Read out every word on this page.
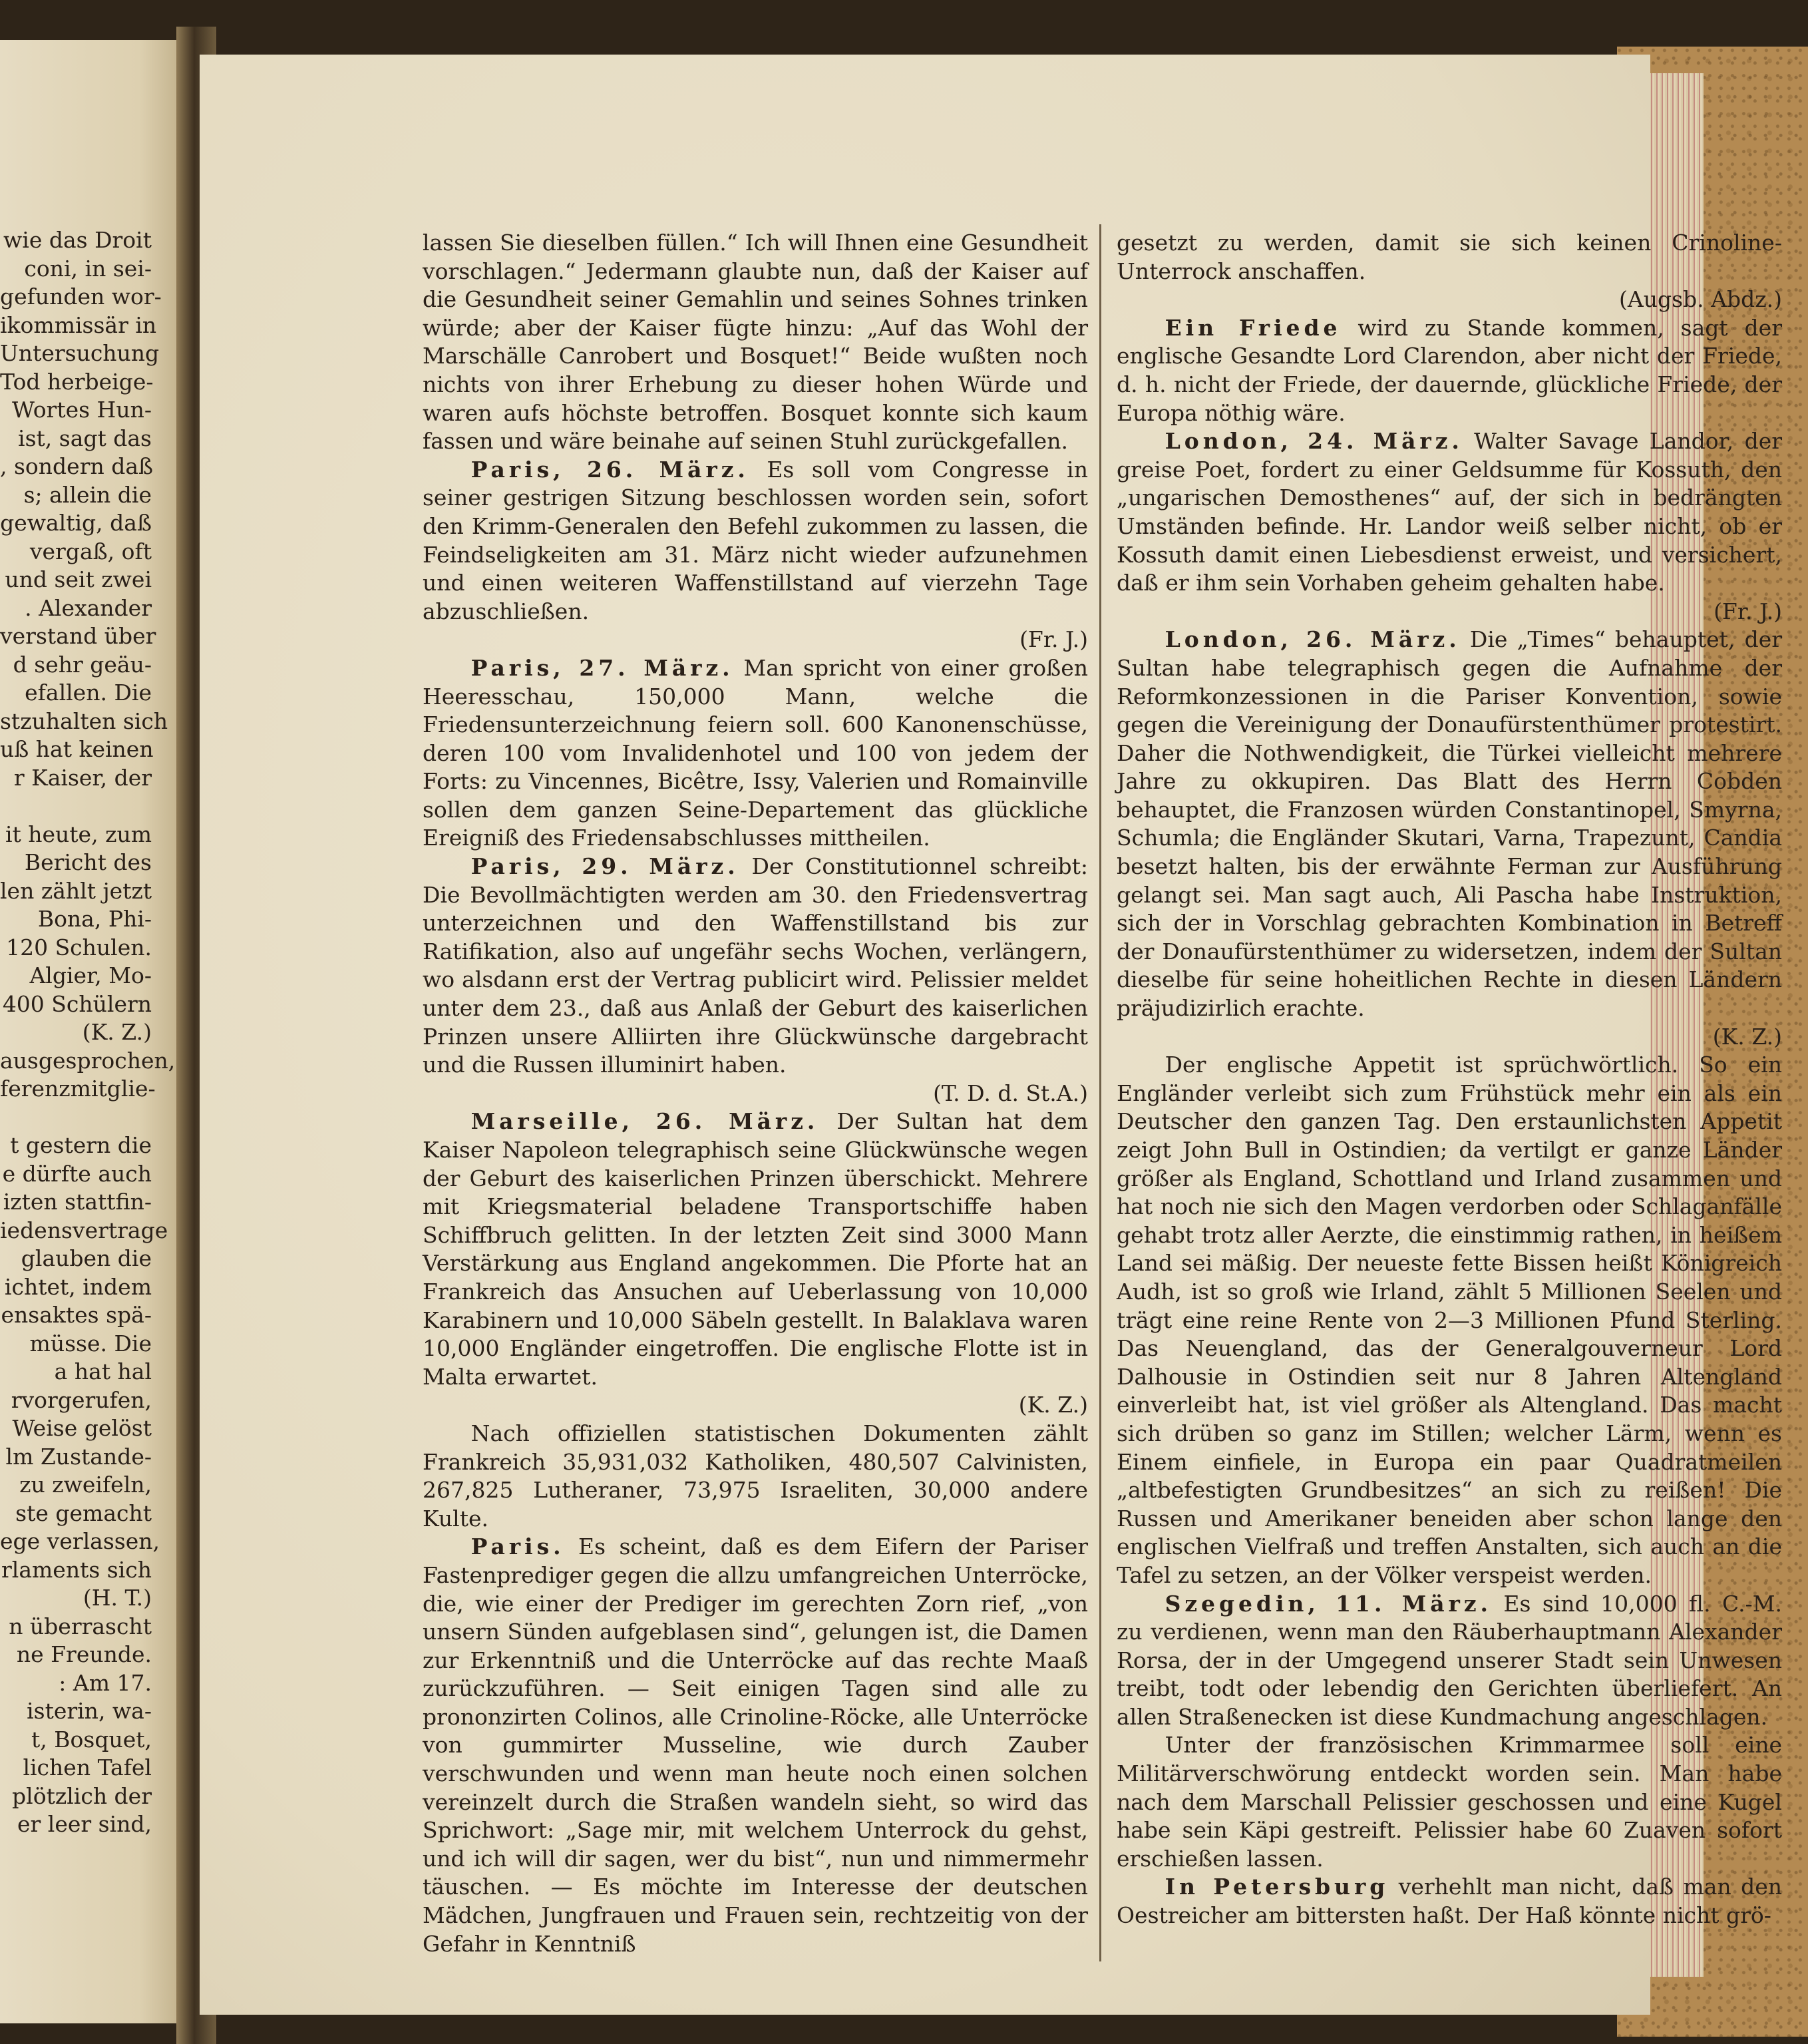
wie das Droit
coni, in sei-
gefunden wor-
ikommissär in
Untersuchung
Tod herbeige-
Wortes Hun-
ist, sagt das
, sondern daß
s; allein die
gewaltig, daß
vergaß, oft
und seit zwei
. Alexander
verstand über
d sehr geäu-
efallen. Die
stzuhalten sich
uß hat keinen
r Kaiser, der
it heute, zum
Bericht des
len zählt jetzt
Bona, Phi-
120 Schulen.
Algier, Mo-
400 Schülern
(K. Z.)
ausgesprochen,
ferenzmitglie-
t gestern die
e dürfte auch
izten stattfin-
iedensvertrage
glauben die
ichtet, indem
ensaktes spä-
müsse. Die
a hat hal
rvorgerufen,
Weise gelöst
lm Zustande-
zu zweifeln,
ste gemacht
ege verlassen,
rlaments sich
(H. T.)
n überrascht
ne Freunde.
: Am 17.
isterin, wa-
t, Bosquet,
lichen Tafel
plötzlich der
er leer sind,

lassen Sie dieselben füllen.“ Ich will Ihnen eine Gesundheit vorschlagen.“ Jedermann glaubte nun, daß der Kaiser auf die Gesundheit seiner Gemahlin und seines Sohnes trinken würde; aber der Kaiser fügte hinzu: „Auf das Wohl der Marschälle Canrobert und Bosquet!“ Beide wußten noch nichts von ihrer Erhebung zu dieser hohen Würde und waren aufs höchste betroffen. Bosquet konnte sich kaum fassen und wäre beinahe auf seinen Stuhl zurückgefallen.

Paris, 26. März. Es soll vom Congresse in seiner gestrigen Sitzung beschlossen worden sein, sofort den Krimm-Generalen den Befehl zukommen zu lassen, die Feindseligkeiten am 31. März nicht wieder aufzunehmen und einen weiteren Waffenstillstand auf vierzehn Tage abzuschließen.
(Fr. J.)

Paris, 27. März. Man spricht von einer großen Heeresschau, 150,000 Mann, welche die Friedensunterzeichnung feiern soll. 600 Kanonenschüsse, deren 100 vom Invalidenhotel und 100 von jedem der Forts: zu Vincennes, Bicêtre, Issy, Valerien und Romainville sollen dem ganzen Seine-Departement das glückliche Ereigniß des Friedensabschlusses mittheilen.

Paris, 29. März. Der Constitutionnel schreibt: Die Bevollmächtigten werden am 30. den Friedensvertrag unterzeichnen und den Waffenstillstand bis zur Ratifikation, also auf ungefähr sechs Wochen, verlängern, wo alsdann erst der Vertrag publicirt wird. Pelissier meldet unter dem 23., daß aus Anlaß der Geburt des kaiserlichen Prinzen unsere Alliirten ihre Glückwünsche dargebracht und die Russen illuminirt haben.
(T. D. d. St.A.)

Marseille, 26. März. Der Sultan hat dem Kaiser Napoleon telegraphisch seine Glückwünsche wegen der Geburt des kaiserlichen Prinzen überschickt. Mehrere mit Kriegsmaterial beladene Transportschiffe haben Schiffbruch gelitten. In der letzten Zeit sind 3000 Mann Verstärkung aus England angekommen. Die Pforte hat an Frankreich das Ansuchen auf Ueberlassung von 10,000 Karabinern und 10,000 Säbeln gestellt. In Balaklava waren 10,000 Engländer eingetroffen. Die englische Flotte ist in Malta erwartet.
(K. Z.)

Nach offiziellen statistischen Dokumenten zählt Frankreich 35,931,032 Katholiken, 480,507 Calvinisten, 267,825 Lutheraner, 73,975 Israeliten, 30,000 andere Kulte.

Paris. Es scheint, daß es dem Eifern der Pariser Fastenprediger gegen die allzu umfangreichen Unterröcke, die, wie einer der Prediger im gerechten Zorn rief, „von unsern Sünden aufgeblasen sind“, gelungen ist, die Damen zur Erkenntniß und die Unterröcke auf das rechte Maaß zurückzuführen. — Seit einigen Tagen sind alle zu prononzirten Colinos, alle Crinoline-Röcke, alle Unterröcke von gummirter Musseline, wie durch Zauber verschwunden und wenn man heute noch einen solchen vereinzelt durch die Straßen wandeln sieht, so wird das Sprichwort: „Sage mir, mit welchem Unterrock du gehst, und ich will dir sagen, wer du bist“, nun und nimmermehr täuschen. — Es möchte im Interesse der deutschen Mädchen, Jungfrauen und Frauen sein, rechtzeitig von der Gefahr in Kenntniß

gesetzt zu werden, damit sie sich keinen Crinoline-Unterrock anschaffen.
(Augsb. Abdz.)

Ein Friede wird zu Stande kommen, sagt der englische Gesandte Lord Clarendon, aber nicht der Friede, d. h. nicht der Friede, der dauernde, glückliche Friede, der Europa nöthig wäre.

London, 24. März. Walter Savage Landor, der greise Poet, fordert zu einer Geldsumme für Kossuth, den „ungarischen Demosthenes“ auf, der sich in bedrängten Umständen befinde. Hr. Landor weiß selber nicht, ob er Kossuth damit einen Liebesdienst erweist, und versichert, daß er ihm sein Vorhaben geheim gehalten habe.
(Fr. J.)

London, 26. März. Die „Times“ behauptet, der Sultan habe telegraphisch gegen die Aufnahme der Reformkonzessionen in die Pariser Konvention, sowie gegen die Vereinigung der Donaufürstenthümer protestirt. Daher die Nothwendigkeit, die Türkei vielleicht mehrere Jahre zu okkupiren. Das Blatt des Herrn Cobden behauptet, die Franzosen würden Constantinopel, Smyrna, Schumla; die Engländer Skutari, Varna, Trapezunt, Candia besetzt halten, bis der erwähnte Ferman zur Ausführung gelangt sei. Man sagt auch, Ali Pascha habe Instruktion, sich der in Vorschlag gebrachten Kombination in Betreff der Donaufürstenthümer zu widersetzen, indem der Sultan dieselbe für seine hoheitlichen Rechte in diesen Ländern präjudizirlich erachte.
(K. Z.)

Der englische Appetit ist sprüchwörtlich. So ein Engländer verleibt sich zum Frühstück mehr ein als ein Deutscher den ganzen Tag. Den erstaunlichsten Appetit zeigt John Bull in Ostindien; da vertilgt er ganze Länder größer als England, Schottland und Irland zusammen und hat noch nie sich den Magen verdorben oder Schlaganfälle gehabt trotz aller Aerzte, die einstimmig rathen, in heißem Land sei mäßig. Der neueste fette Bissen heißt Königreich Audh, ist so groß wie Irland, zählt 5 Millionen Seelen und trägt eine reine Rente von 2—3 Millionen Pfund Sterling. Das Neuengland, das der Generalgouverneur Lord Dalhousie in Ostindien seit nur 8 Jahren Altengland einverleibt hat, ist viel größer als Altengland. Das macht sich drüben so ganz im Stillen; welcher Lärm, wenn es Einem einfiele, in Europa ein paar Quadratmeilen „altbefestigten Grundbesitzes“ an sich zu reißen! Die Russen und Amerikaner beneiden aber schon lange den englischen Vielfraß und treffen Anstalten, sich auch an die Tafel zu setzen, an der Völker verspeist werden.

Szegedin, 11. März. Es sind 10,000 fl. C.-M. zu verdienen, wenn man den Räuberhauptmann Alexander Rorsa, der in der Umgegend unserer Stadt sein Unwesen treibt, todt oder lebendig den Gerichten überliefert. An allen Straßenecken ist diese Kundmachung angeschlagen.

Unter der französischen Krimmarmee soll eine Militärverschwörung entdeckt worden sein. Man habe nach dem Marschall Pelissier geschossen und eine Kugel habe sein Käpi gestreift. Pelissier habe 60 Zuaven sofort erschießen lassen.

In Petersburg verhehlt man nicht, daß man den Oestreicher am bittersten haßt. Der Haß könnte nicht grö-
